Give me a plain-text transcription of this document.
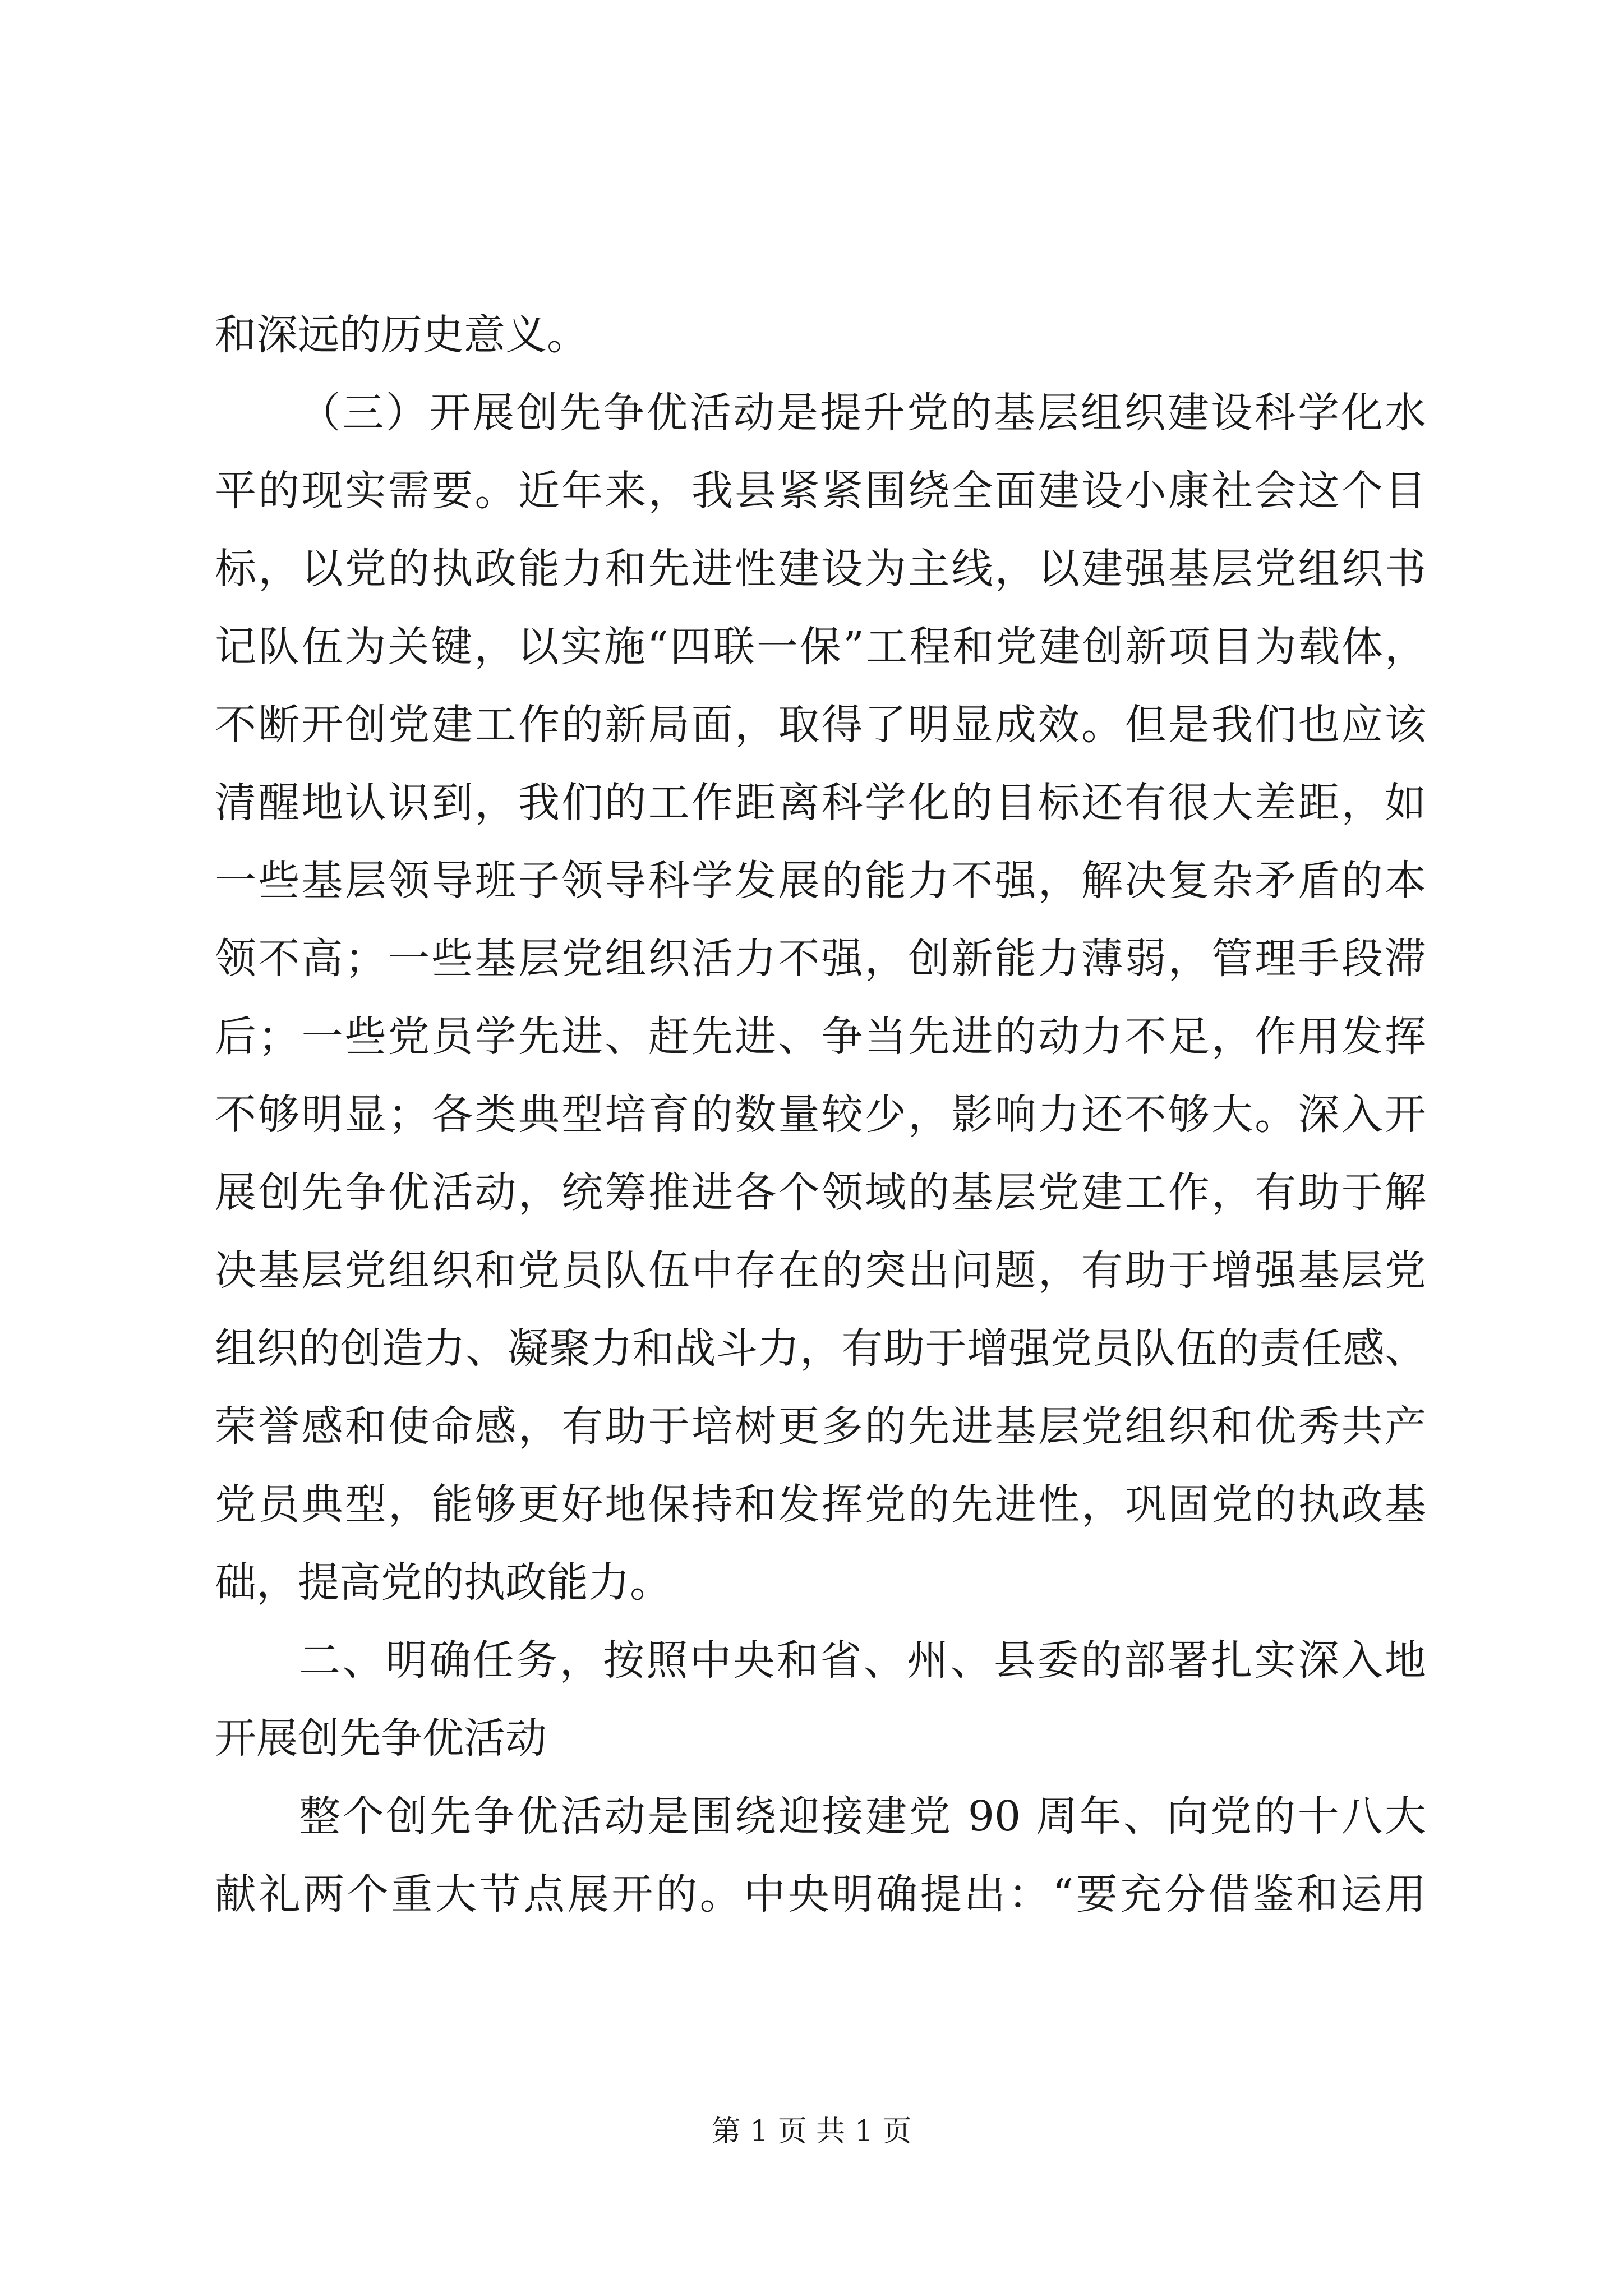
和深远的历史意义。
（三）开展创先争优活动是提升党的基层组织建设科学化水
平的现实需要。近年来，我县紧紧围绕全面建设小康社会这个目
标，以党的执政能力和先进性建设为主线，以建强基层党组织书
记队伍为关键，以实施“四联一保”工程和党建创新项目为载体，
不断开创党建工作的新局面，取得了明显成效。但是我们也应该
清醒地认识到，我们的工作距离科学化的目标还有很大差距，如
一些基层领导班子领导科学发展的能力不强，解决复杂矛盾的本
领不高；一些基层党组织活力不强，创新能力薄弱，管理手段滞
后；一些党员学先进、赶先进、争当先进的动力不足，作用发挥
不够明显；各类典型培育的数量较少，影响力还不够大。深入开
展创先争优活动，统筹推进各个领域的基层党建工作，有助于解
决基层党组织和党员队伍中存在的突出问题，有助于增强基层党
组织的创造力、凝聚力和战斗力，有助于增强党员队伍的责任感、
荣誉感和使命感，有助于培树更多的先进基层党组织和优秀共产
党员典型，能够更好地保持和发挥党的先进性，巩固党的执政基
础，提高党的执政能力。
二、明确任务，按照中央和省、州、县委的部署扎实深入地
开展创先争优活动
整个创先争优活动是围绕迎接建党 90 周年、向党的十八大
献礼两个重大节点展开的。中央明确提出：“要充分借鉴和运用
第 1 页 共 1 页
